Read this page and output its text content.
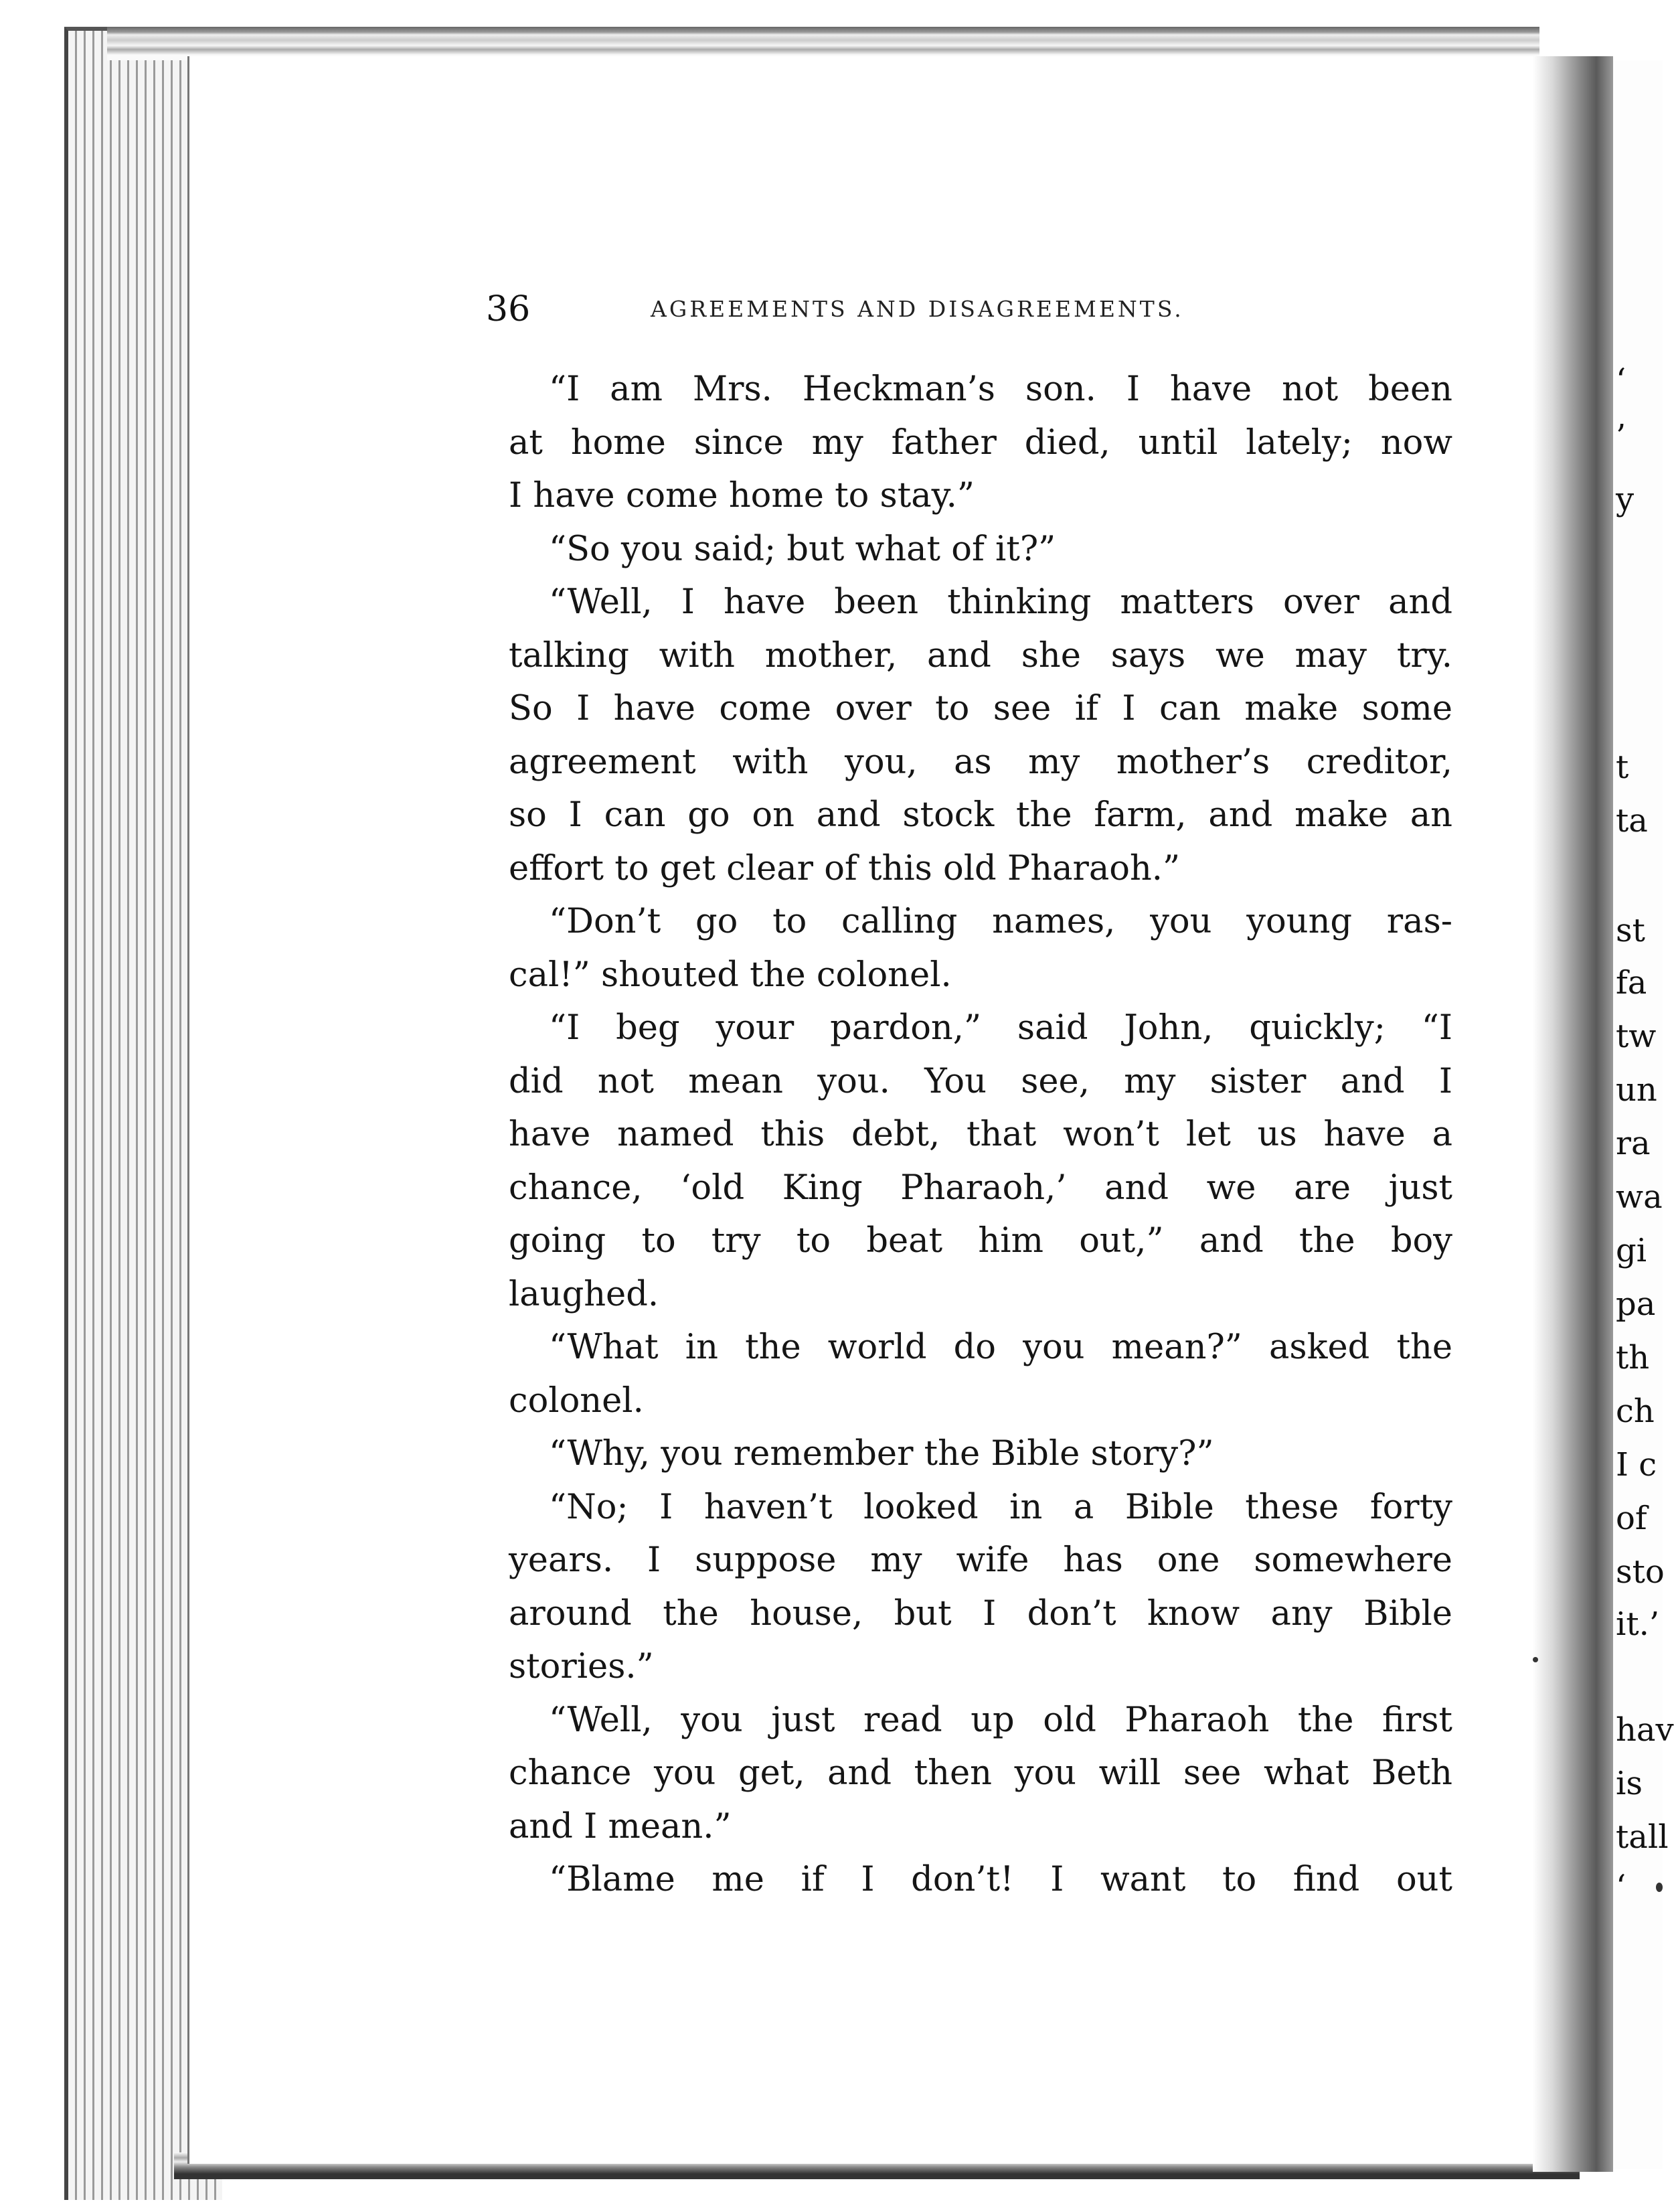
36	AGREEMENTS AND DISAGREEMENTS.
“I am Mrs. Heckman’s son. I have not been
at home since my father died, until lately; now
I have come home to stay.”
“So you said; but what of it?”
“Well, I have been thinking matters over and
talking with mother, and she says we may try.
So I have come over to see if I can make some
agreement with you, as my mother’s creditor,
so I can go on and stock the farm, and make an
effort to get clear of this old Pharaoh.”
“Don’t go to calling names, you young ras-
cal!” shouted the colonel.
“I beg your pardon,” said John, quickly; “I
did not mean you. You see, my sister and I
have named this debt, that won’t let us have a
chance, ‘old King Pharaoh,’ and we are just
going to try to beat him out,” and the boy
laughed.
“What in the world do you mean?” asked the
colonel.
“Why, you remember the Bible story?”
“No; I haven’t looked in a Bible these forty
years. I suppose my wife has one somewhere
around the house, but I don’t know any Bible
stories.”
“Well, you just read up old Pharaoh the first
chance you get, and then you will see what Beth
and I mean.”
“Blame me if I don’t! I want to find out
‘
’
y
t
ta
st
fa
tw
un
ra
wa
gi
pa
th
ch
I c
of
sto
it.’
hav
is
tall
‘
